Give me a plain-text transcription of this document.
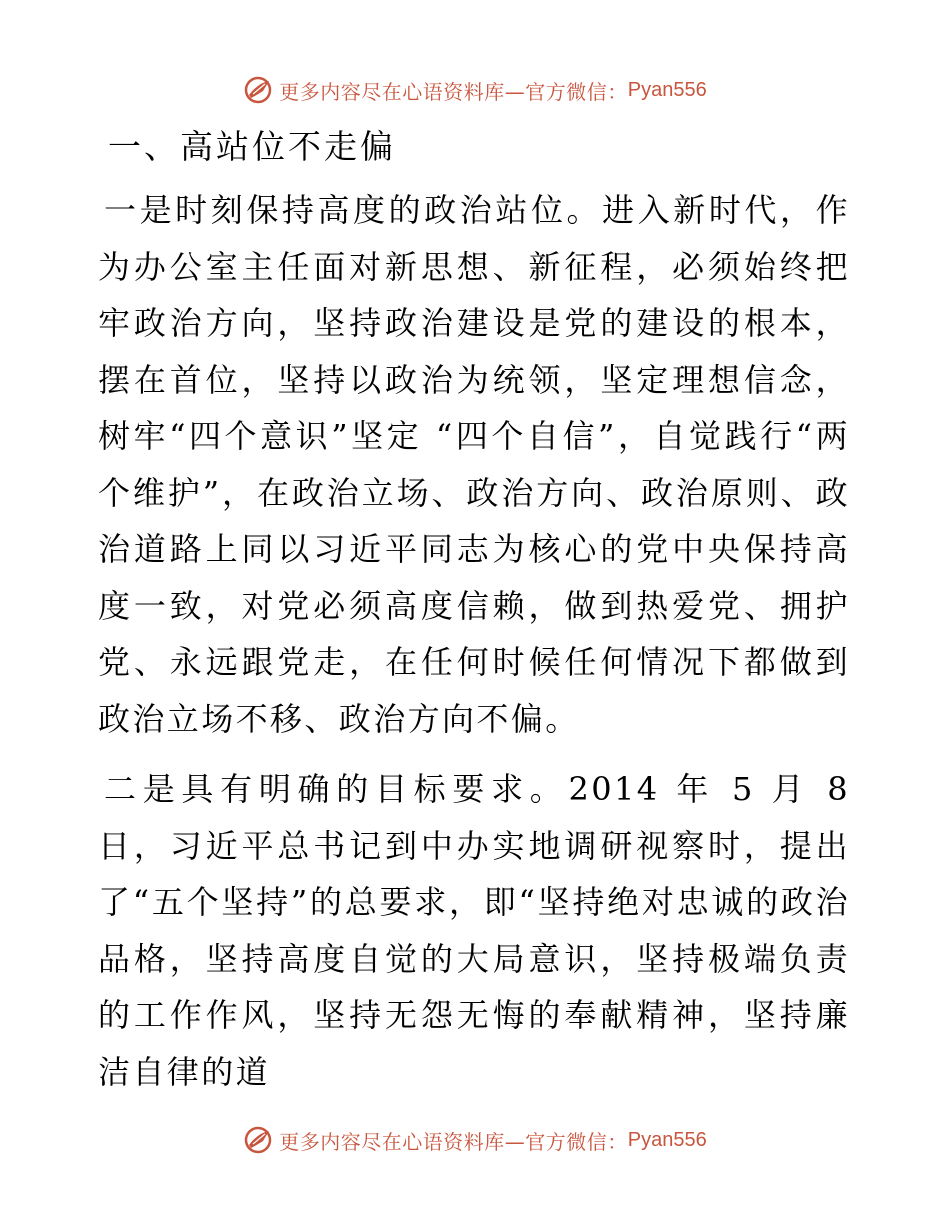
更多内容尽在心语资料库—官方微信： Pyan556
一、高站位不走偏

一是时刻保持高度的政治站位。进入新时代，作为办公室主任面对新思想、新征程，必须始终把牢政治方向，坚持政治建设是党的建设的根本，摆在首位，坚持以政治为统领，坚定理想信念，树牢“四个意识”坚定 “四个自信”，自觉践行“两个维护”，在政治立场、政治方向、政治原则、政治道路上同以习近平同志为核心的党中央保持高度一致，对党必须高度信赖，做到热爱党、拥护党、永远跟党走，在任何时候任何情况下都做到政治立场不移、政治方向不偏。

二是具有明确的目标要求。2014 年 5 月 8 日，习近平总书记到中办实地调研视察时，提出了“五个坚持”的总要求，即“坚持绝对忠诚的政治品格，坚持高度自觉的大局意识，坚持极端负责的工作作风，坚持无怨无悔的奉献精神，坚持廉洁自律的道

更多内容尽在心语资料库—官方微信： Pyan556
